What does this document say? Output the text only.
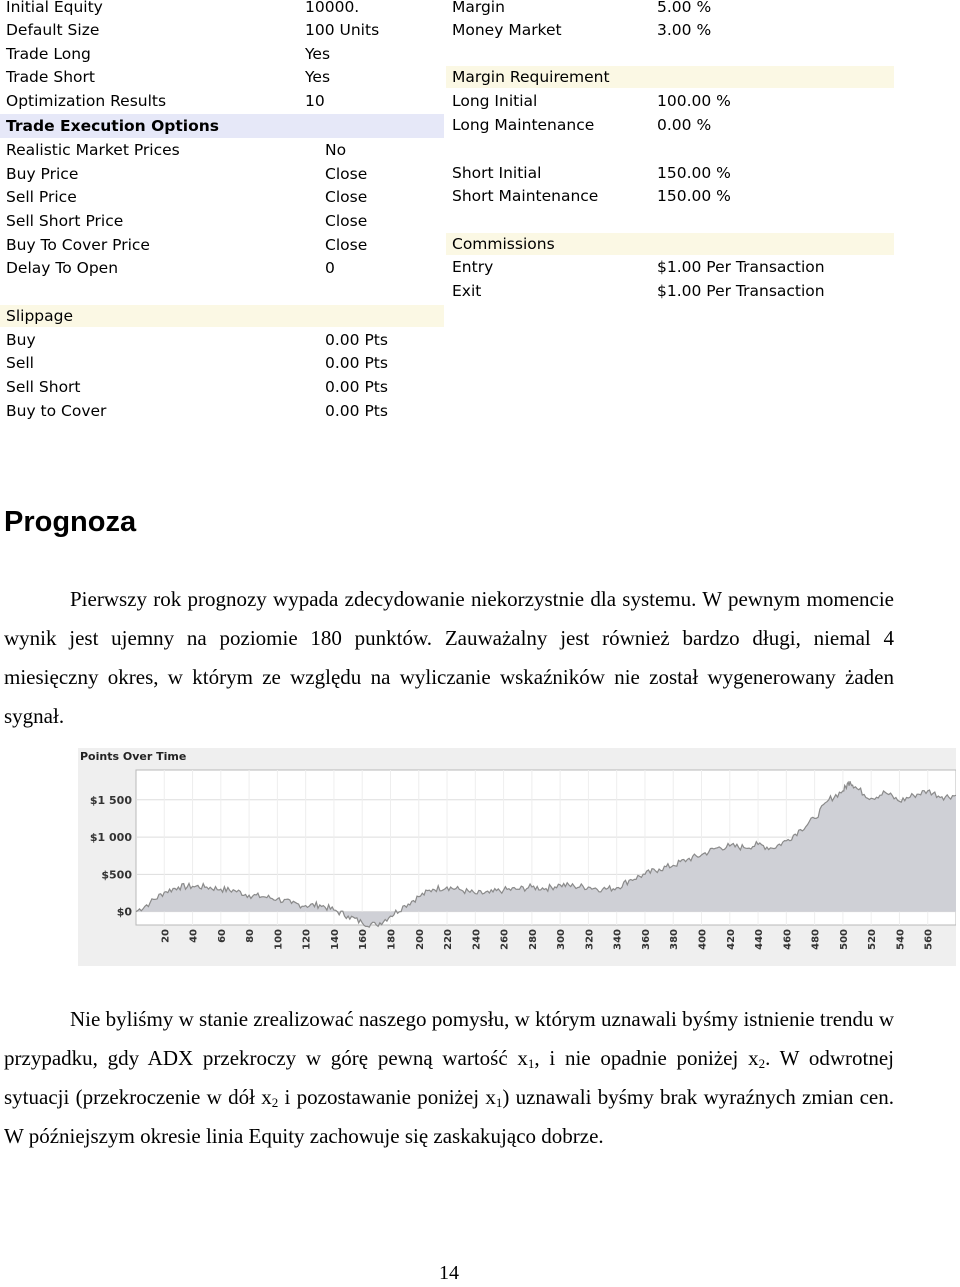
Initial Equity	10000.
Default Size	100 Units
Trade Long	Yes
Trade Short	Yes
Optimization Results	10
Trade Execution Options
Realistic Market Prices	No
Buy Price	Close
Sell Price	Close
Sell Short Price	Close
Buy To Cover Price	Close
Delay To Open	0
Slippage
Buy	0.00 Pts
Sell	0.00 Pts
Sell Short	0.00 Pts
Buy to Cover	0.00 Pts
Margin	5.00 %
Money Market	3.00 %
Margin Requirement
Long Initial	100.00 %
Long Maintenance	0.00 %
Short Initial	150.00 %
Short Maintenance	150.00 %
Commissions
Entry	$1.00 Per Transaction
Exit	$1.00 Per Transaction
Prognoza

Pierwszy rok prognozy wypada zdecydowanie niekorzystnie dla systemu. W pewnym momencie wynik jest ujemny na poziomie 180 punktów. Zauważalny jest również bardzo długi, niemal 4 miesięczny okres, w którym ze względu na wyliczanie wskaźników nie został wygenerowany żaden sygnał.

Points Over Time
$0
$500
$1 000
$1 500
20 40 60 80 100 120 140 160 180 200 220 240 260 280 300 320 340 360 380 400 420 440 460 480 500 520 540 560

Nie byliśmy w stanie zrealizować naszego pomysłu, w którym uznawali byśmy istnienie trendu w przypadku, gdy ADX przekroczy w górę pewną wartość $x_1$, i nie opadnie poniżej $x_2$. W odwrotnej sytuacji (przekroczenie w dół $x_2$ i pozostawanie poniżej $x_1$) uznawali byśmy brak wyraźnych zmian cen. W późniejszym okresie linia Equity zachowuje się zaskakująco dobrze.

14
